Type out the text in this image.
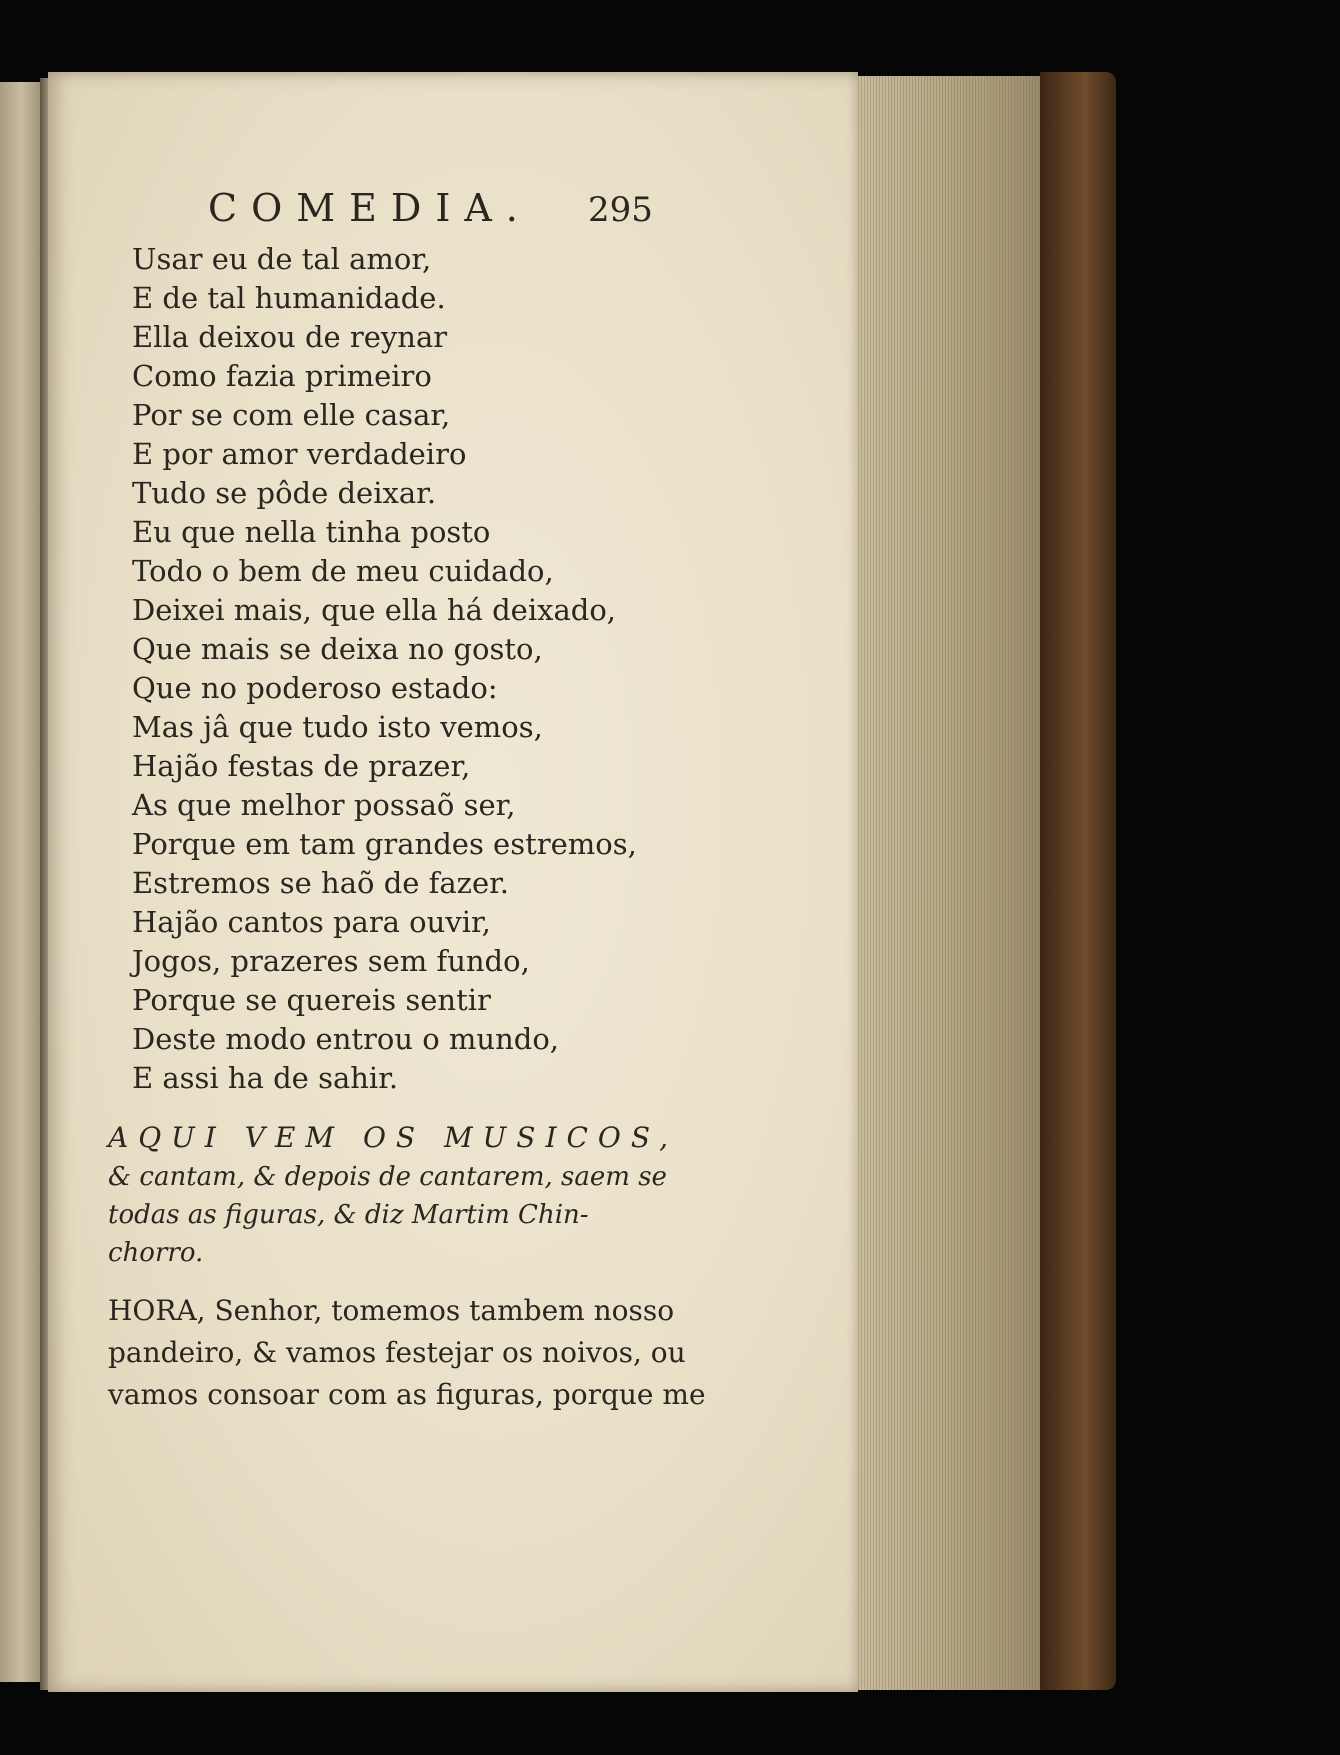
COMEDIA. 295
Usar eu de tal amor,
E de tal humanidade.
Ella deixou de reynar
Como fazia primeiro
Por se com elle casar,
E por amor verdadeiro
Tudo se pôde deixar.
Eu que nella tinha posto
Todo o bem de meu cuidado,
Deixei mais, que ella há deixado,
Que mais se deixa no gosto,
Que no poderoso estado:
Mas jâ que tudo isto vemos,
Hajão festas de prazer,
As que melhor possaõ ser,
Porque em tam grandes estremos,
Estremos se haõ de fazer.
Hajão cantos para ouvir,
Jogos, prazeres sem fundo,
Porque se quereis sentir
Deste modo entrou o mundo,
E assi ha de sahir.
AQUI VEM OS MUSICOS,
& cantam, & depois de cantarem, saem se
todas as figuras, & diz Martim Chin-
chorro.
HORA, Senhor, tomemos tambem nosso
pandeiro, & vamos festejar os noivos, ou
vamos consoar com as figuras, porque me
